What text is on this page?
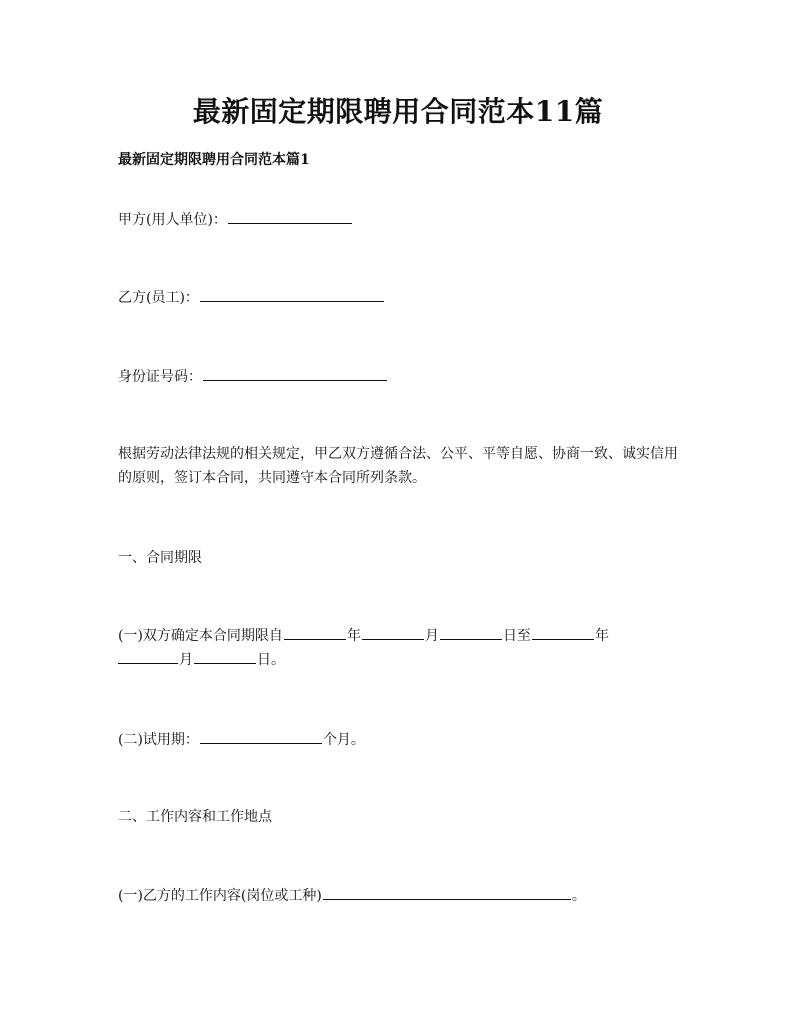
最新固定期限聘用合同范本11篇
最新固定期限聘用合同范本篇1
甲方(用人单位)：
乙方(员工)：
身份证号码：
根据劳动法律法规的相关规定，甲乙双方遵循合法、公平、平等自愿、协商一致、诚实信用的原则，签订本合同，共同遵守本合同所列条款。
一、合同期限
(一)双方确定本合同期限自	年	月	日至	年
月	日。
(二)试用期：	个月。
二、工作内容和工作地点
(一)乙方的工作内容(岗位或工种)	。
